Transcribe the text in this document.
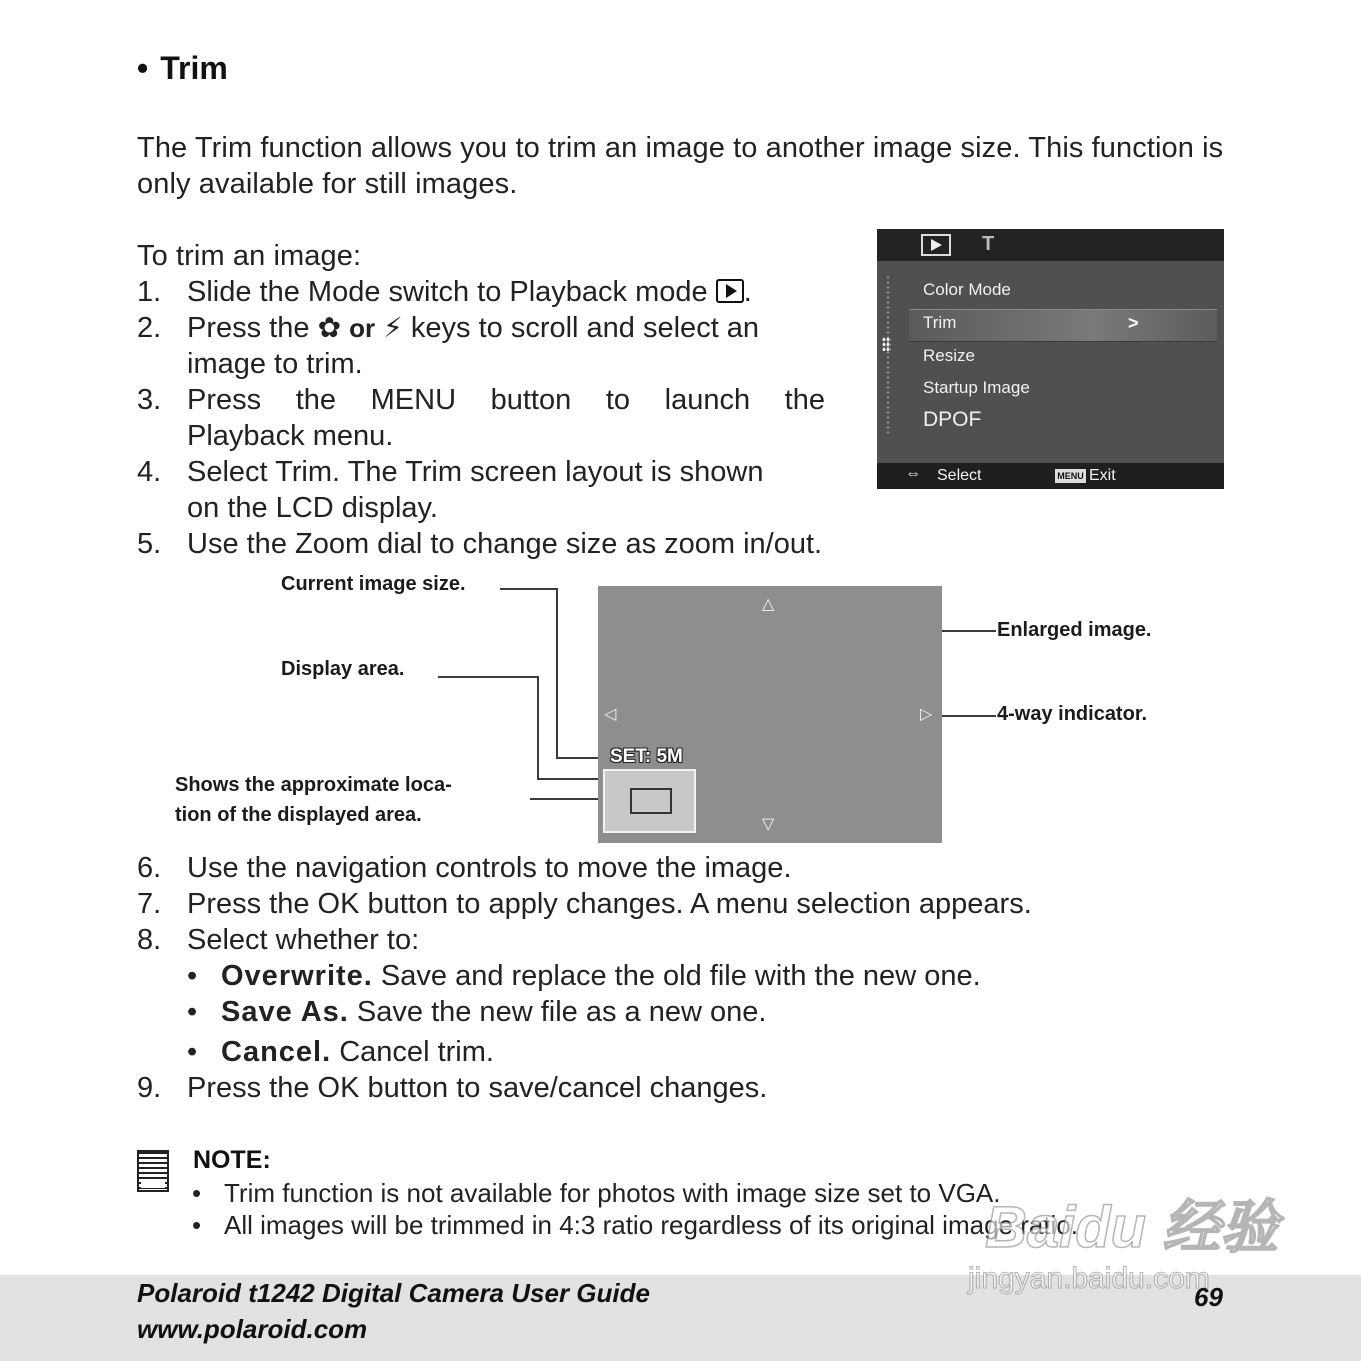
• Trim
The Trim function allows you to trim an image to another image size. This function is only available for still images.
To trim an image:
1. Slide the Mode switch to Playback mode .
2. Press the ✿ or ⚡ keys to scroll and select an
image to trim.
3. Press the MENU button to launch the
Playback menu.
4. Select Trim. The Trim screen layout is shown
on the LCD display.
5. Use the Zoom dial to change size as zoom in/out.
T
Color Mode
Trim	>
Resize
Startup Image
DPOF
⇔ Select	MENU Exit
Current image size.
Display area.
Shows the approximate loca-
tion of the displayed area.
Enlarged image.
4-way indicator.
△
▽
◁	▷
SET: 5M
6. Use the navigation controls to move the image.
7. Press the OK button to apply changes. A menu selection appears.
8. Select whether to:
• Overwrite. Save and replace the old file with the new one.
• Save As. Save the new file as a new one.
• Cancel. Cancel trim.
9. Press the OK button to save/cancel changes.
NOTE:
• Trim function is not available for photos with image size set to VGA.
• All images will be trimmed in 4:3 ratio regardless of its original image ratio.
Polaroid t1242 Digital Camera User Guide
www.polaroid.com
69
Baidu 经验
jingyan.baidu.com
